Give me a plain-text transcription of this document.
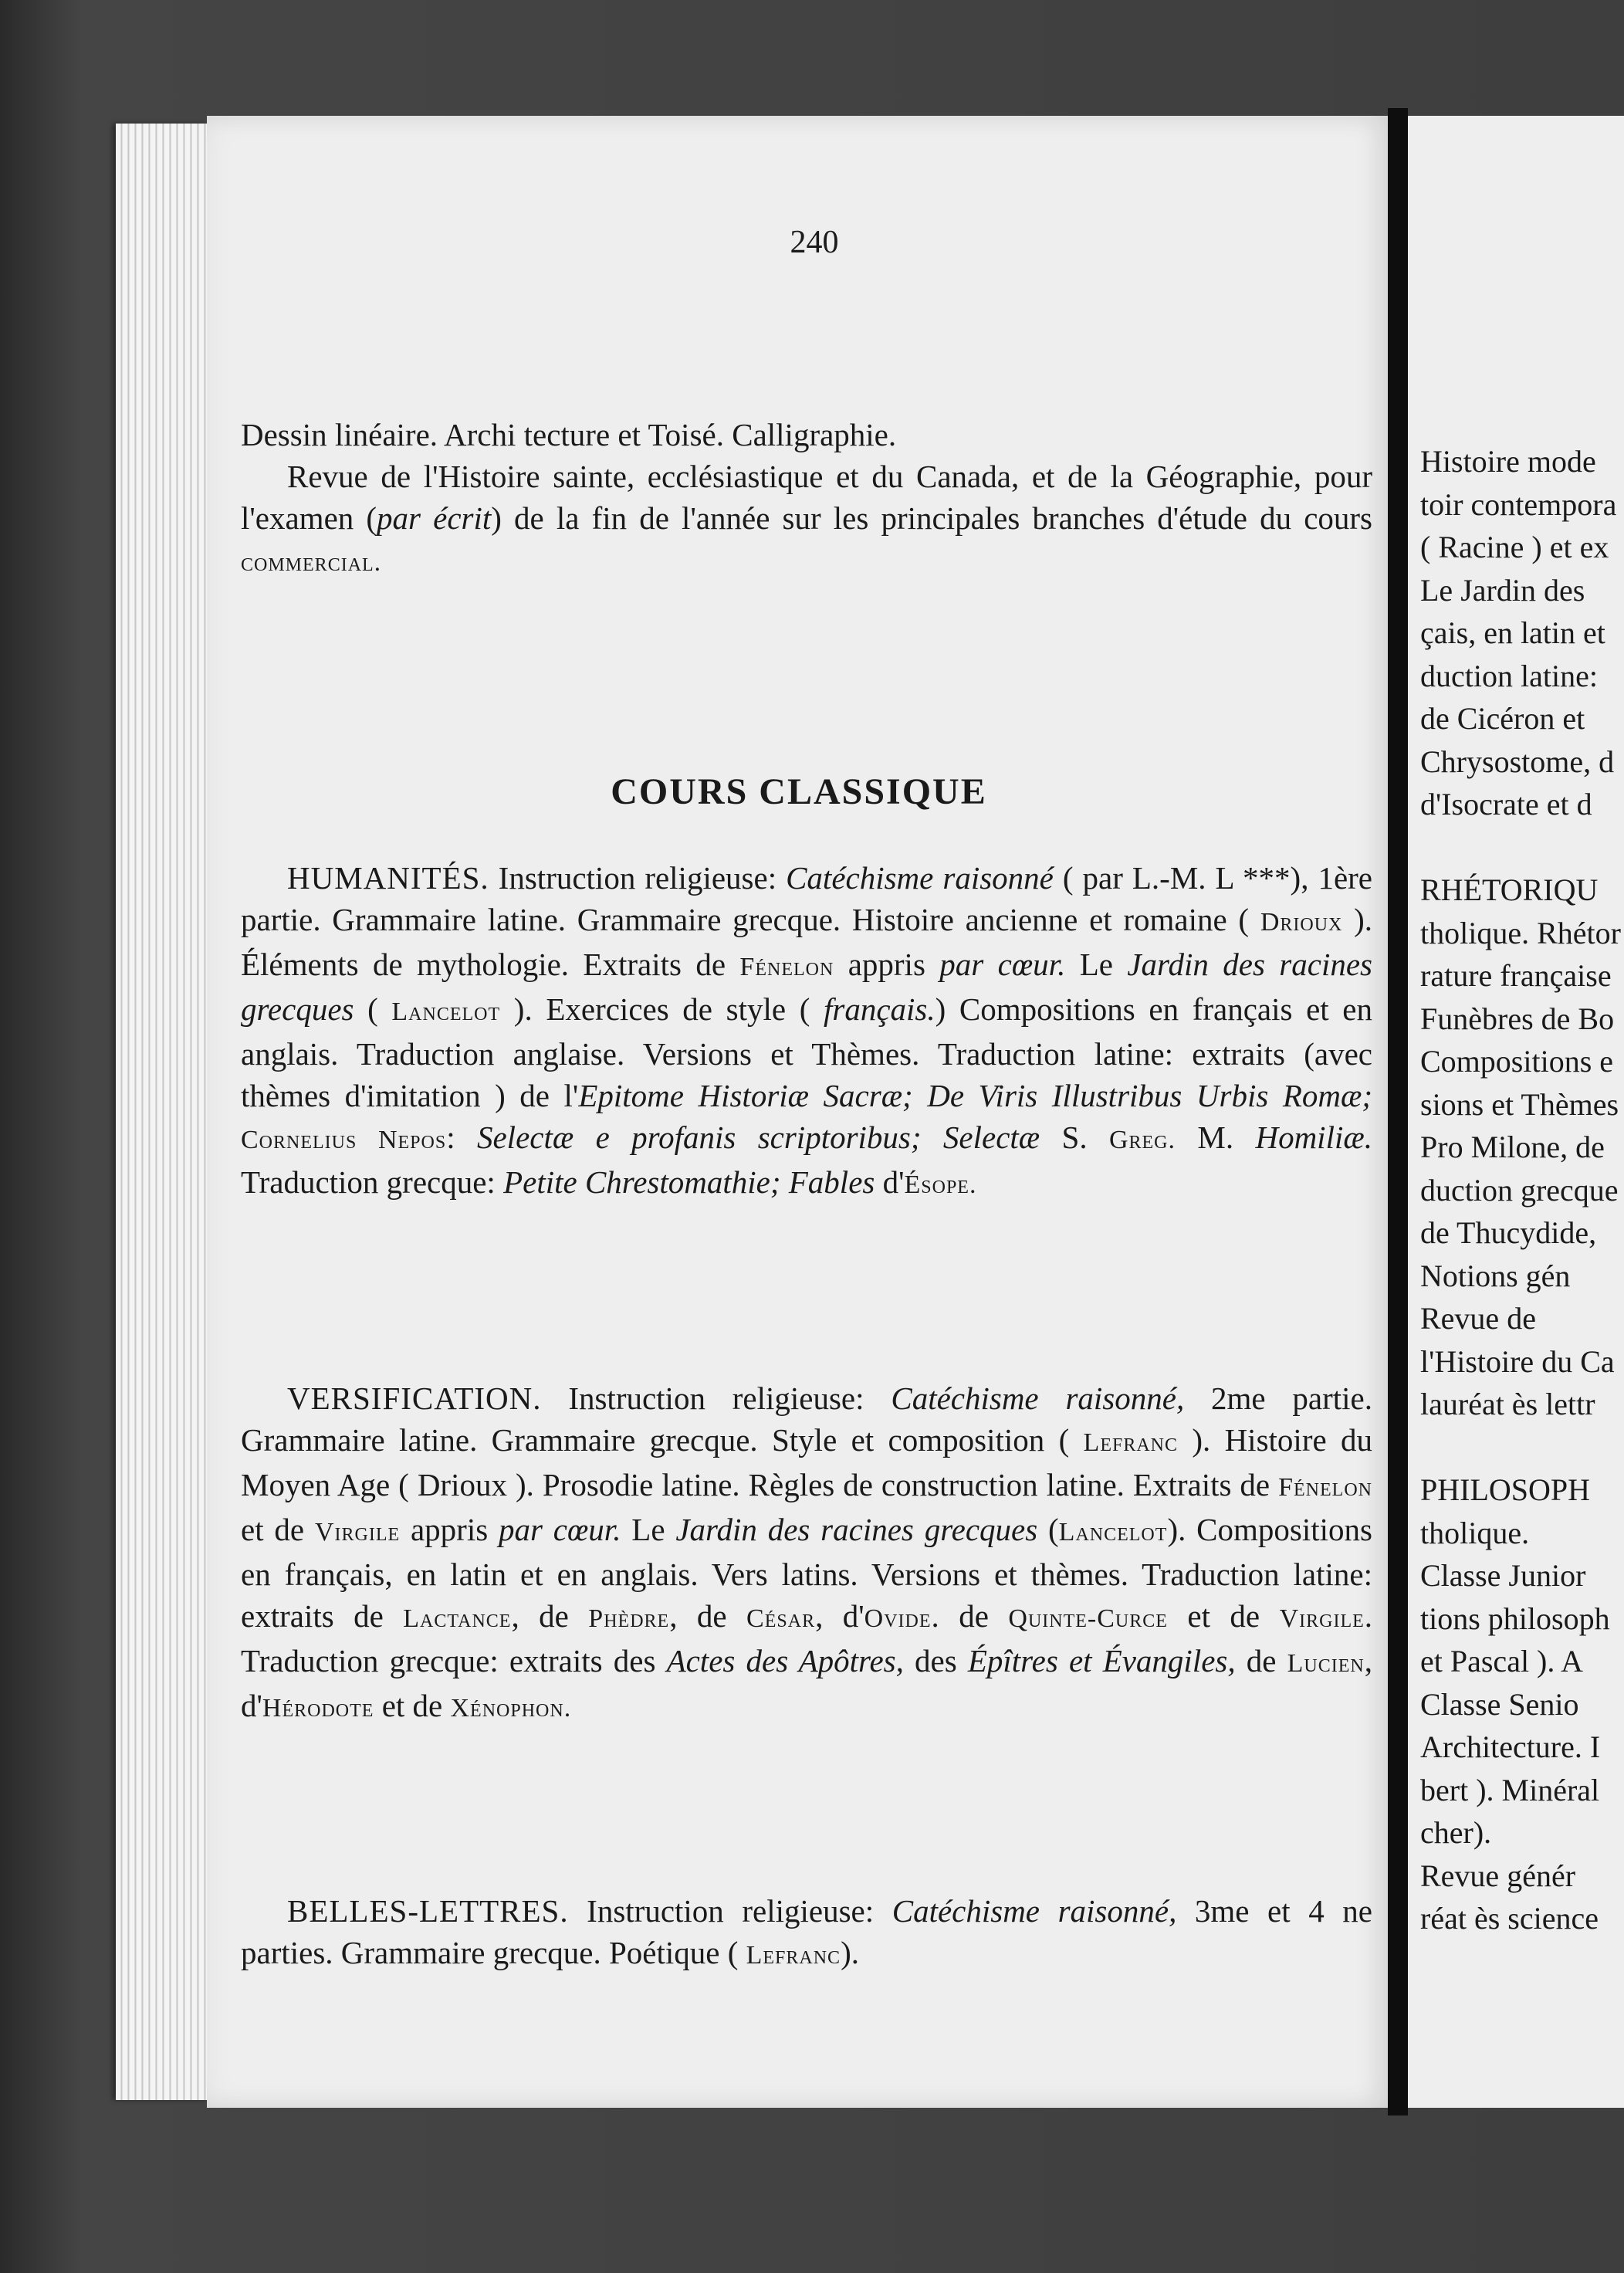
240

Dessin linéaire. Archi tecture et Toisé. Calligraphie.

Revue de l'Histoire sainte, ecclésiastique et du Canada, et de la Géographie, pour l'examen (par écrit) de la fin de l'année sur les principales branches d'étude du cours commercial.

COURS CLASSIQUE

HUMANITÉS. Instruction religieuse: Catéchisme raisonné ( par L.-M. L ***), 1ère partie. Grammaire latine. Grammaire grecque. Histoire ancienne et romaine ( Drioux ). Éléments de mythologie. Extraits de Fénelon appris par cœur. Le Jardin des racines grecques ( Lancelot ). Exercices de style ( français.) Compositions en français et en anglais. Traduction anglaise. Versions et Thèmes. Traduction latine: extraits (avec thèmes d'imitation ) de l'Epitome Historiæ Sacræ; De Viris Illustribus Urbis Romæ; Cornelius Nepos: Selectæ e profanis scriptoribus; Selectæ S. Greg. M. Homiliæ. Traduction grecque: Petite Chrestomathie; Fables d'Ésope.

VERSIFICATION. Instruction religieuse: Catéchisme raisonné, 2me partie. Grammaire latine. Grammaire grecque. Style et composition ( Lefranc ). Histoire du Moyen Age ( Drioux ). Prosodie latine. Règles de construction latine. Extraits de Fénelon et de Virgile appris par cœur. Le Jardin des racines grecques (Lancelot). Compositions en français, en latin et en anglais. Vers latins. Versions et thèmes. Traduction latine: extraits de Lactance, de Phèdre, de César, d'Ovide. de Quinte-Curce et de Virgile. Traduction grecque: extraits des Actes des Apôtres, des Épîtres et Évangiles, de Lucien, d'Hérodote et de Xénophon.

BELLES-LETTRES. Instruction religieuse: Catéchisme raisonné, 3me et 4 ne parties. Grammaire grecque. Poétique ( Lefranc).

Histoire mode
toir contempora
( Racine ) et ex
Le Jardin des
çais, en latin et
duction latine:
de Cicéron et
Chrysostome, d
d'Isocrate et d
RHÉTORIQU
tholique. Rhétor
rature française
Funèbres de Bo
Compositions e
sions et Thèmes
Pro Milone, de
duction grecque
de Thucydide,
Notions gén
Revue de
l'Histoire du Ca
lauréat ès lettr
PHILOSOPH
tholique.
Classe Junior
tions philosoph
et Pascal ). A
Classe Senio
Architecture. I
bert ). Minéral
cher).
Revue génér
réat ès science
